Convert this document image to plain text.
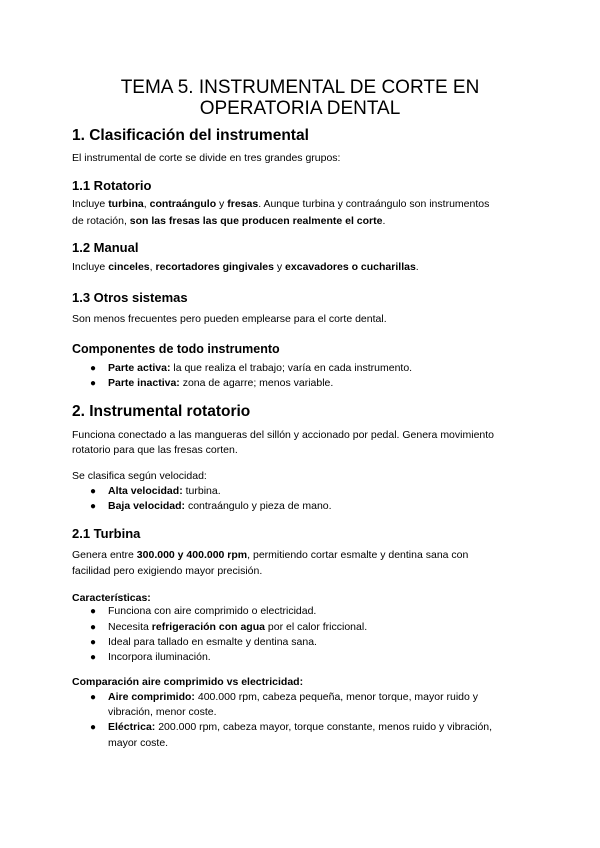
TEMA 5. INSTRUMENTAL DE CORTE EN
OPERATORIA DENTAL
1. Clasificación del instrumental
El instrumental de corte se divide en tres grandes grupos:
1.1 Rotatorio
Incluye turbina, contraángulo y fresas. Aunque turbina y contraángulo son instrumentos
de rotación, son las fresas las que producen realmente el corte.
1.2 Manual
Incluye cinceles, recortadores gingivales y excavadores o cucharillas.
1.3 Otros sistemas
Son menos frecuentes pero pueden emplearse para el corte dental.
Componentes de todo instrumento
● Parte activa: la que realiza el trabajo; varía en cada instrumento.
● Parte inactiva: zona de agarre; menos variable.
2. Instrumental rotatorio
Funciona conectado a las mangueras del sillón y accionado por pedal. Genera movimiento
rotatorio para que las fresas corten.
Se clasifica según velocidad:
● Alta velocidad: turbina.
● Baja velocidad: contraángulo y pieza de mano.
2.1 Turbina
Genera entre 300.000 y 400.000 rpm, permitiendo cortar esmalte y dentina sana con
facilidad pero exigiendo mayor precisión.
Características:
● Funciona con aire comprimido o electricidad.
● Necesita refrigeración con agua por el calor friccional.
● Ideal para tallado en esmalte y dentina sana.
● Incorpora iluminación.
Comparación aire comprimido vs electricidad:
● Aire comprimido: 400.000 rpm, cabeza pequeña, menor torque, mayor ruido y
vibración, menor coste.
● Eléctrica: 200.000 rpm, cabeza mayor, torque constante, menos ruido y vibración,
mayor coste.
